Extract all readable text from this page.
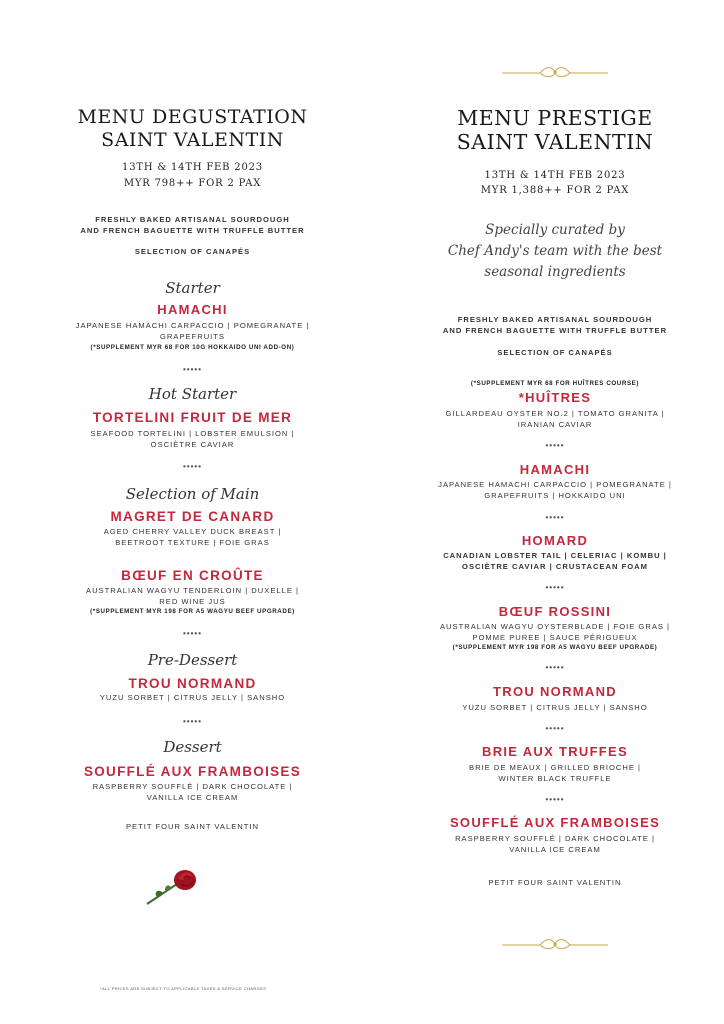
MENU DEGUSTATION
SAINT VALENTIN
13TH & 14TH FEB 2023
MYR 798++ FOR 2 PAX
FRESHLY BAKED ARTISANAL SOURDOUGH
AND FRENCH BAGUETTE WITH TRUFFLE BUTTER
SELECTION OF CANAPÉS
Starter
HAMACHI
JAPANESE HAMACHI CARPACCIO | POMEGRANATE |
GRAPEFRUITS
(*SUPPLEMENT MYR 68 FOR 10G HOKKAIDO UNI ADD-ON)
•••••
Hot Starter
TORTELINI FRUIT DE MER
SEAFOOD TORTELINI | LOBSTER EMULSION |
OSCIÈTRE CAVIAR
•••••
Selection of Main
MAGRET DE CANARD
AGED CHERRY VALLEY DUCK BREAST |
BEETROOT TEXTURE | FOIE GRAS
BŒUF EN CROÛTE
AUSTRALIAN WAGYU TENDERLOIN | DUXELLE |
RED WINE JUS
(*SUPPLEMENT MYR 198 FOR A5 WAGYU BEEF UPGRADE)
•••••
Pre-Dessert
TROU NORMAND
YUZU SORBET | CITRUS JELLY | SANSHO
•••••
Dessert
SOUFFLÉ AUX FRAMBOISES
RASPBERRY SOUFFLÉ | DARK CHOCOLATE |
VANILLA ICE CREAM
PETIT FOUR SAINT VALENTIN
MENU PRESTIGE
SAINT VALENTIN
13TH & 14TH FEB 2023
MYR 1,388++ FOR 2 PAX
Specially curated by
Chef Andy's team with the best
seasonal ingredients
FRESHLY BAKED ARTISANAL SOURDOUGH
AND FRENCH BAGUETTE WITH TRUFFLE BUTTER
SELECTION OF CANAPÉS
(*SUPPLEMENT MYR 68 FOR HUÎTRES COURSE)
*HUÎTRES
GILLARDEAU OYSTER NO.2 | TOMATO GRANITA |
IRANIAN CAVIAR
•••••
HAMACHI
JAPANESE HAMACHI CARPACCIO | POMEGRANATE |
GRAPEFRUITS | HOKKAIDO UNI
•••••
HOMARD
CANADIAN LOBSTER TAIL | CELERIAC | KOMBU |
OSCIÈTRE CAVIAR | CRUSTACEAN FOAM
•••••
BŒUF ROSSINI
AUSTRALIAN WAGYU OYSTERBLADE | FOIE GRAS |
POMME PUREE | SAUCE PÉRIGUEUX
(*SUPPLEMENT MYR 198 FOR A5 WAGYU BEEF UPGRADE)
•••••
TROU NORMAND
YUZU SORBET | CITRUS JELLY | SANSHO
•••••
BRIE AUX TRUFFES
BRIE DE MEAUX | GRILLED BRIOCHE |
WINTER BLACK TRUFFLE
•••••
SOUFFLÉ AUX FRAMBOISES
RASPBERRY SOUFFLÉ | DARK CHOCOLATE |
VANILLA ICE CREAM
PETIT FOUR SAINT VALENTIN
*ALL PRICES ARE SUBJECT TO APPLICABLE TAXES & SERVICE CHARGES
